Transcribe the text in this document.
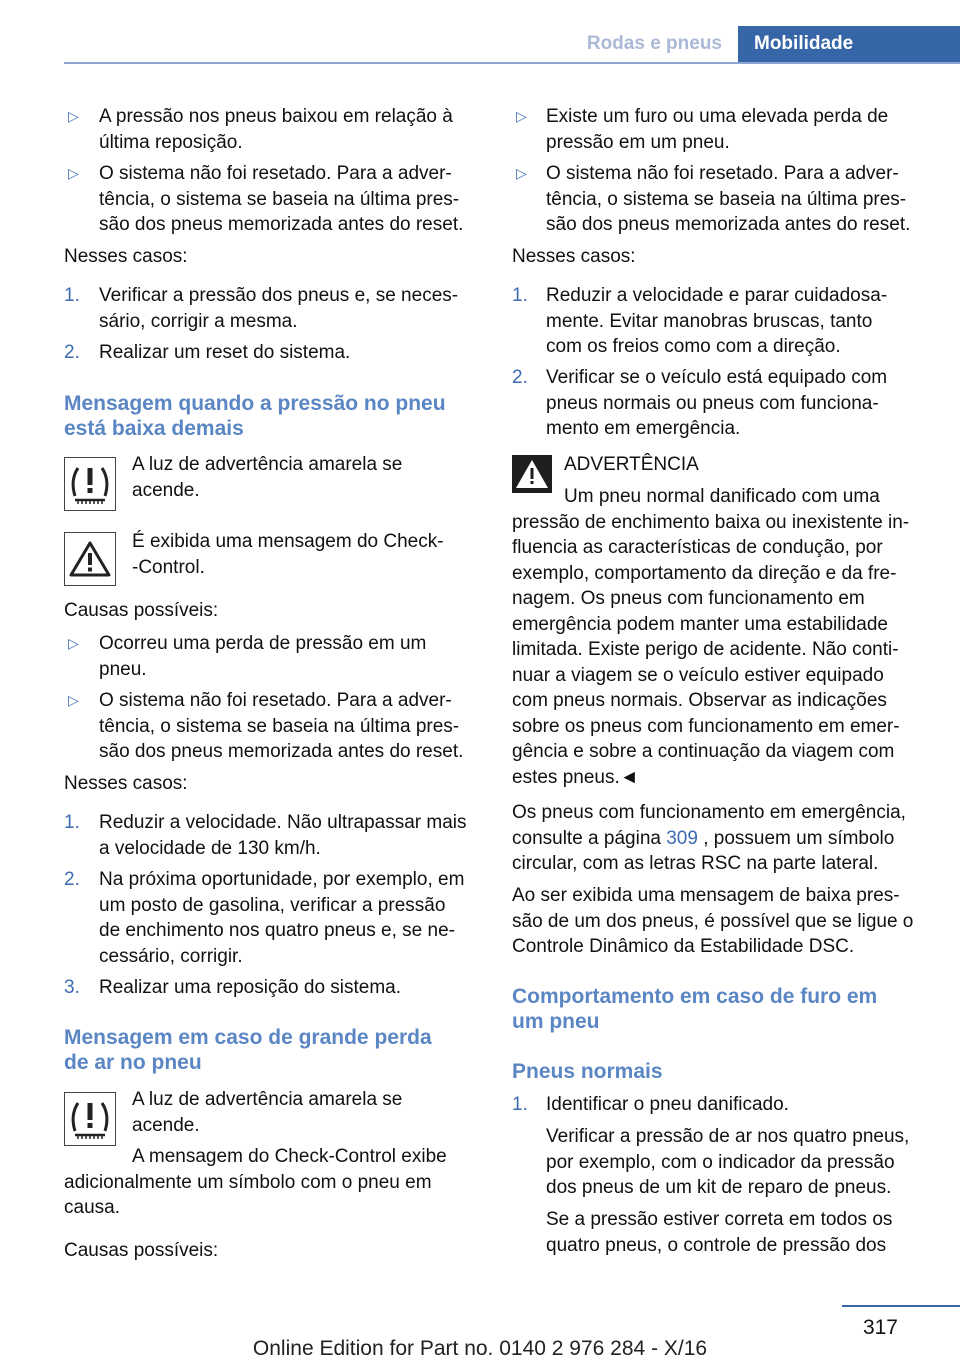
Rodas e pneus	Mobilidade
▷ A pressão nos pneus baixou em relação à
última reposição.
▷ O sistema não foi resetado. Para a adver-
tência, o sistema se baseia na última pres-
são dos pneus memorizada antes do reset.
Nesses casos:
1. Verificar a pressão dos pneus e, se neces-
sário, corrigir a mesma.
2. Realizar um reset do sistema.
Mensagem quando a pressão no pneu
está baixa demais
A luz de advertência amarela se
acende.
É exibida uma mensagem do Check-
-Control.
Causas possíveis:
▷ Ocorreu uma perda de pressão em um
pneu.
▷ O sistema não foi resetado. Para a adver-
tência, o sistema se baseia na última pres-
são dos pneus memorizada antes do reset.
Nesses casos:
1. Reduzir a velocidade. Não ultrapassar mais
a velocidade de 130 km/h.
2. Na próxima oportunidade, por exemplo, em
um posto de gasolina, verificar a pressão
de enchimento nos quatro pneus e, se ne-
cessário, corrigir.
3. Realizar uma reposição do sistema.
Mensagem em caso de grande perda
de ar no pneu
A luz de advertência amarela se
acende.
A mensagem do Check-Control exibe
adicionalmente um símbolo com o pneu em
causa.
Causas possíveis:
▷ Existe um furo ou uma elevada perda de
pressão em um pneu.
▷ O sistema não foi resetado. Para a adver-
tência, o sistema se baseia na última pres-
são dos pneus memorizada antes do reset.
Nesses casos:
1. Reduzir a velocidade e parar cuidadosa-
mente. Evitar manobras bruscas, tanto
com os freios como com a direção.
2. Verificar se o veículo está equipado com
pneus normais ou pneus com funciona-
mento em emergência.
ADVERTÊNCIA
Um pneu normal danificado com uma
pressão de enchimento baixa ou inexistente in-
fluencia as características de condução, por
exemplo, comportamento da direção e da fre-
nagem. Os pneus com funcionamento em
emergência podem manter uma estabilidade
limitada. Existe perigo de acidente. Não conti-
nuar a viagem se o veículo estiver equipado
com pneus normais. Observar as indicações
sobre os pneus com funcionamento em emer-
gência e sobre a continuação da viagem com
estes pneus.◄
Os pneus com funcionamento em emergência,
consulte a página 309 , possuem um símbolo
circular, com as letras RSC na parte lateral.
Ao ser exibida uma mensagem de baixa pres-
são de um dos pneus, é possível que se ligue o
Controle Dinâmico da Estabilidade DSC.
Comportamento em caso de furo em
um pneu
Pneus normais
1. Identificar o pneu danificado.
Verificar a pressão de ar nos quatro pneus,
por exemplo, com o indicador da pressão
dos pneus de um kit de reparo de pneus.
Se a pressão estiver correta em todos os
quatro pneus, o controle de pressão dos
317
Online Edition for Part no. 0140 2 976 284 - X/16
